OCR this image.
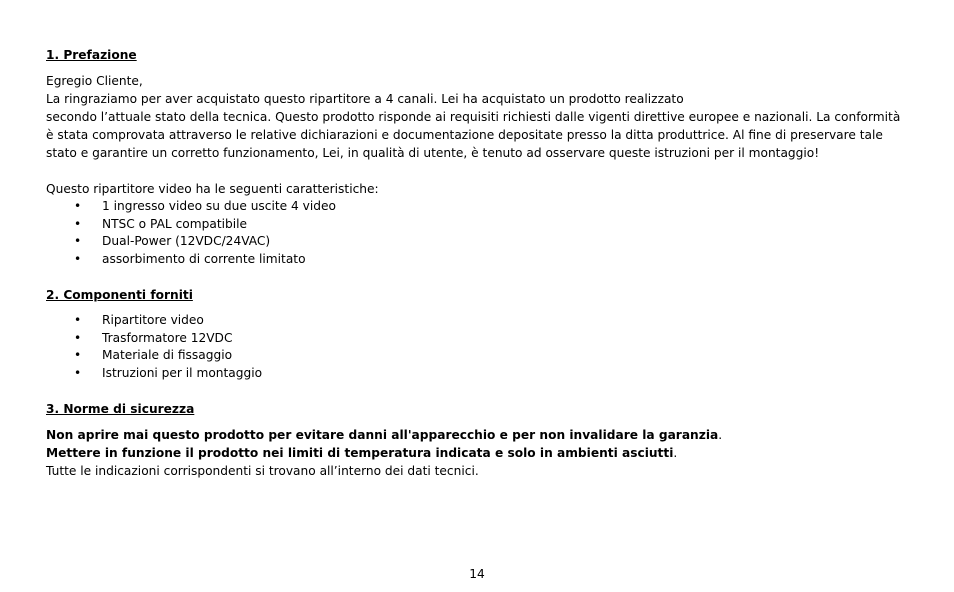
1. Prefazione

Egregio Cliente,

La ringraziamo per aver acquistato questo ripartitore a 4 canali. Lei ha acquistato un prodotto realizzato

secondo l’attuale stato della tecnica. Questo prodotto risponde ai requisiti richiesti dalle vigenti direttive europee e nazionali. La conformità è stata comprovata attraverso le relative dichiarazioni e documentazione depositate presso la ditta produttrice. Al fine di preservare tale stato e garantire un corretto funzionamento, Lei, in qualità di utente, è tenuto ad osservare queste istruzioni per il montaggio!

Questo ripartitore video ha le seguenti caratteristiche:

• 1 ingresso video su due uscite 4 video
• NTSC o PAL compatibile
• Dual-Power (12VDC/24VAC)
• assorbimento di corrente limitato

2. Componenti forniti

• Ripartitore video
• Trasformatore 12VDC
• Materiale di fissaggio
• Istruzioni per il montaggio

3. Norme di sicurezza

Non aprire mai questo prodotto per evitare danni all'apparecchio e per non invalidare la garanzia.

Mettere in funzione il prodotto nei limiti di temperatura indicata e solo in ambienti asciutti.

Tutte le indicazioni corrispondenti si trovano all’interno dei dati tecnici.

14
